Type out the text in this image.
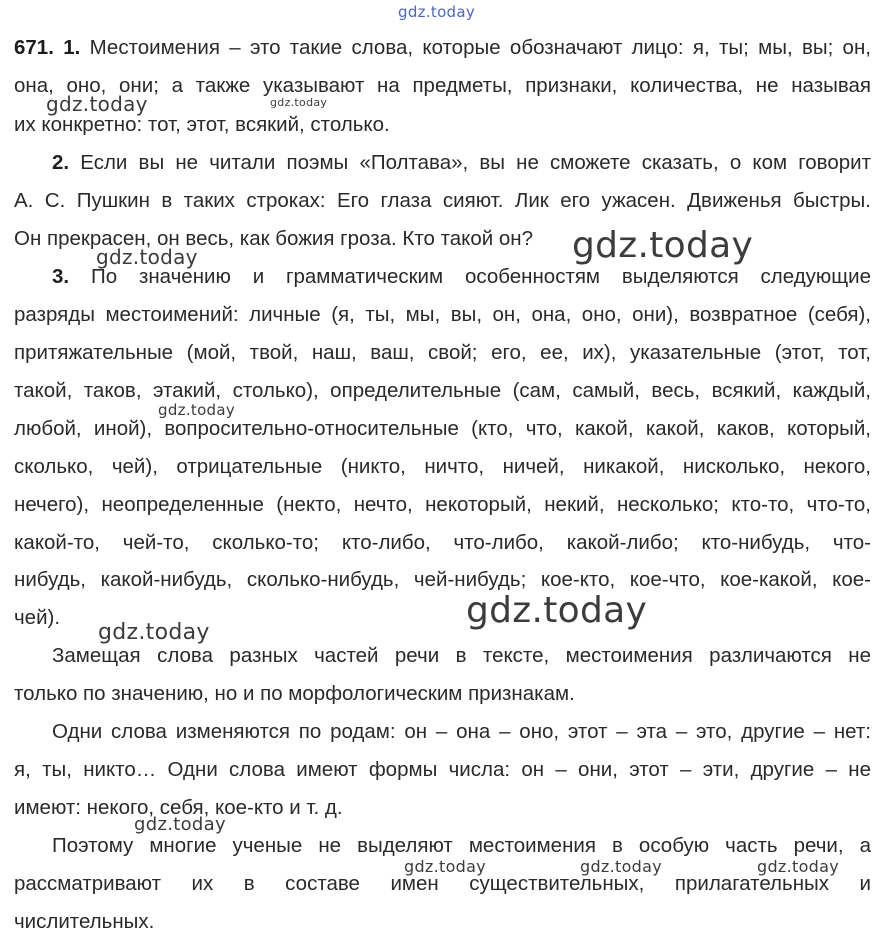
gdz.today
671. 1. Местоимения – это такие слова, которые обозначают лицо: я, ты; мы, вы; он,
она, оно, они; а также указывают на предметы, признаки, количества, не называя
их конкретно: тот, этот, всякий, столько.
2. Если вы не читали поэмы «Полтава», вы не сможете сказать, о ком говорит
А. С. Пушкин в таких строках: Его глаза сияют. Лик его ужасен. Движенья быстры.
Он прекрасен, он весь, как божия гроза. Кто такой он?
3. По значению и грамматическим особенностям выделяются следующие
разряды местоимений: личные (я, ты, мы, вы, он, она, оно, они), возвратное (себя),
притяжательные (мой, твой, наш, ваш, свой; его, ее, их), указательные (этот, тот,
такой, таков, этакий, столько), определительные (сам, самый, весь, всякий, каждый,
любой, иной), вопросительно-относительные (кто, что, какой, какой, каков, который,
сколько, чей), отрицательные (никто, ничто, ничей, никакой, нисколько, некого,
нечего), неопределенные (некто, нечто, некоторый, некий, несколько; кто-то, что-то,
какой-то, чей-то, сколько-то; кто-либо, что-либо, какой-либо; кто-нибудь, что-
нибудь, какой-нибудь, сколько-нибудь, чей-нибудь; кое-кто, кое-что, кое-какой, кое-
чей).
Замещая слова разных частей речи в тексте, местоимения различаются не
только по значению, но и по морфологическим признакам.
Одни слова изменяются по родам: он – она – оно, этот – эта – это, другие – нет:
я, ты, никто… Одни слова имеют формы числа: он – они, этот – эти, другие – не
имеют: некого, себя, кое-кто и т. д.
Поэтому многие ученые не выделяют местоимения в особую часть речи, а
рассматривают их в составе имен существительных, прилагательных и
числительных.
gdz.today	gdz.today
gdz.today
gdz.today
gdz.today
gdz.today
gdz.today
gdz.today
gdz.today	gdz.today	gdz.today
